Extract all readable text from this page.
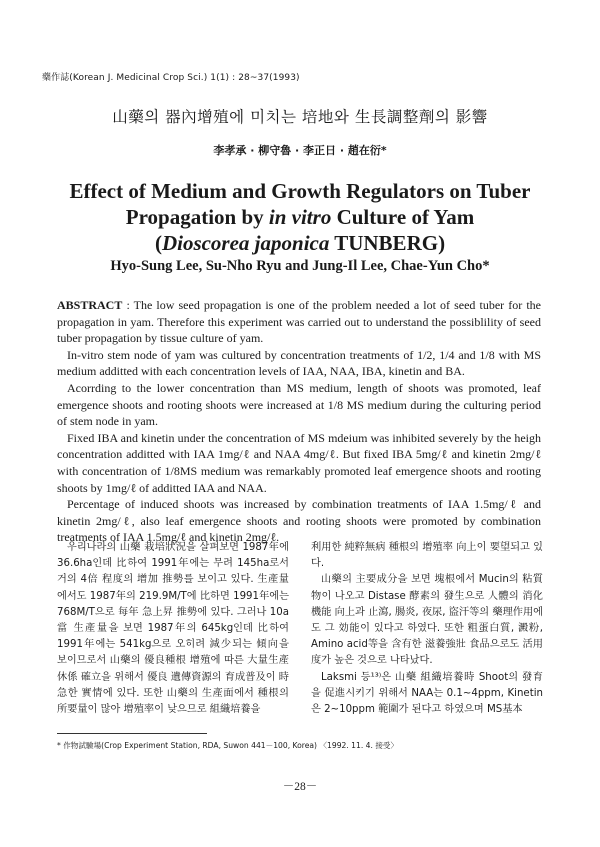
藥作誌(Korean J. Medicinal Crop Sci.) 1(1) : 28~37(1993)
山藥의 器內增殖에 미치는 培地와 生長調整劑의 影響
李孝承 · 柳守魯 · 李正日 · 趙在衍*
Effect of Medium and Growth Regulators on Tuber
Propagation by in vitro Culture of Yam
(Dioscorea japonica TUNBERG)
Hyo-Sung Lee, Su-Nho Ryu and Jung-Il Lee, Chae-Yun Cho*

ABSTRACT : The low seed propagation is one of the problem needed a lot of seed tuber for the propagation in yam. Therefore this experiment was carried out to understand the possiblility of seed tuber propagation by tissue culture of yam.

In-vitro stem node of yam was cultured by concentration treatments of 1/2, 1/4 and 1/8 with MS medium additted with each concentration levels of IAA, NAA, IBA, kinetin and BA.

Acorrding to the lower concentration than MS medium, length of shoots was promoted, leaf emergence shoots and rooting shoots were increased at 1/8 MS medium during the culturing period of stem node in yam.

Fixed IBA and kinetin under the concentration of MS mdeium was inhibited severely by the heigh concentration additted with IAA 1mg/ℓ and NAA 4mg/ℓ. But fixed IBA 5mg/ℓ and kinetin 2mg/ℓ with concentration of 1/8MS medium was remarkably promoted leaf emergence shoots and rooting shoots by 1mg/ℓ of additted IAA and NAA.

Percentage of induced shoots was increased by combination treatments of IAA 1.5mg/ℓ and kinetin 2mg/ℓ, also leaf emergence shoots and rooting shoots were promoted by combination treatments of IAA 1.5mg/ℓ and kinetin 2mg/ℓ.

우리나라의 山藥 栽培狀況을 살펴보면 1987年에 36.6ha인데 比하여 1991年에는 무려 145ha로서 거의 4倍 程度의 增加 推勢를 보이고 있다. 生產量에서도 1987年의 219.9M/T에 比하면 1991年에는 768M/T으로 每年 急上昇 推勢에 있다. 그러나 10a當 生產量을 보면 1987年의 645kg인데 比하여 1991年에는 541kg으로 오히려 減少되는 傾向을 보이므로서 山藥의 優良種根 增殖에 따른 大量生產 休係 確立을 위해서 優良 遺傳資源의 育成普及이 時急한 實情에 있다. 또한 山藥의 生產面에서 種根의 所要量이 많아 增殖率이 낮으므로 組織培養을

利用한 純粹無病 種根의 增殖率 向上이 要望되고 있다.

山藥의 主要成分을 보면 塊根에서 Mucin의 粘質物이 나오고 Distase 酵素의 發生으로 人體의 消化機能 向上과 止瀉, 腸炎, 夜尿, 盜汗等의 藥理作用에도 그 効能이 있다고 하였다. 또한 粗蛋白質, 澱粉, Amino acid等을 含有한 滋養強壯 食品으로도 活用度가 높은 것으로 나타났다.

Laksmi 등¹³⁾은 山藥 組織培養時 Shoot의 發育을 促進시키기 위해서 NAA는 0.1~4ppm, Kinetin은 2~10ppm 範圍가 된다고 하였으며 MS基本

* 作物試驗場(Crop Experiment Station, RDA, Suwon 441－100, Korea) 〈1992. 11. 4. 接受〉
－28－
